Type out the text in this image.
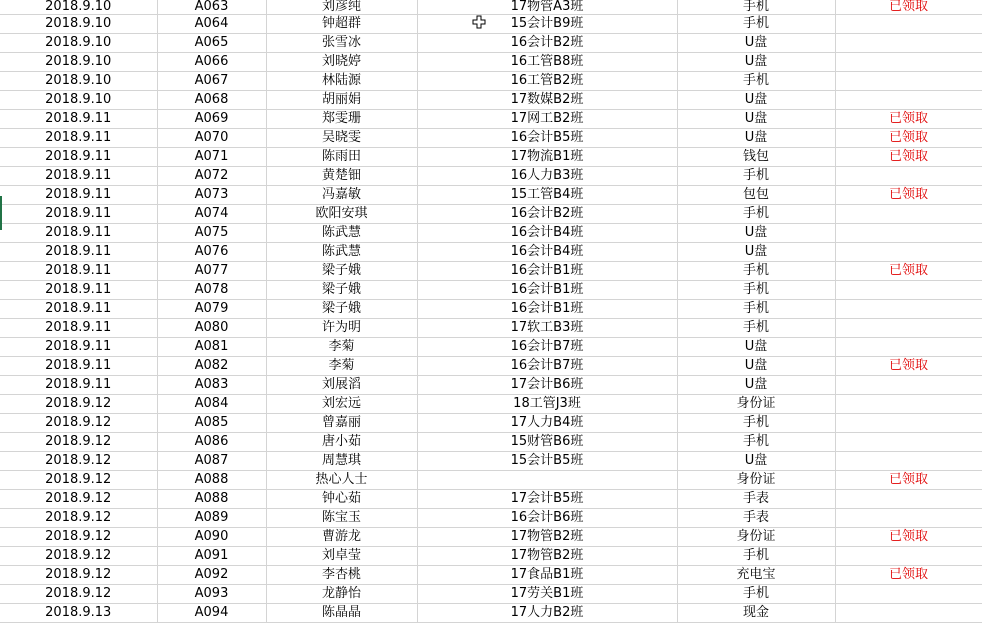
2018.9.10	A063	刘彦纯	17物管A3班	手机	已领取
2018.9.10	A064	钟超群	15会计B9班	手机	
2018.9.10	A065	张雪冰	16会计B2班	U盘	
2018.9.10	A066	刘晓婷	16工管B8班	U盘	
2018.9.10	A067	林陆源	16工管B2班	手机	
2018.9.10	A068	胡丽娟	17数媒B2班	U盘	
2018.9.11	A069	郑雯珊	17网工B2班	U盘	已领取
2018.9.11	A070	吴晓雯	16会计B5班	U盘	已领取
2018.9.11	A071	陈雨田	17物流B1班	钱包	已领取
2018.9.11	A072	黄楚钿	16人力B3班	手机	
2018.9.11	A073	冯嘉敏	15工管B4班	包包	已领取
2018.9.11	A074	欧阳安琪	16会计B2班	手机	
2018.9.11	A075	陈武慧	16会计B4班	U盘	
2018.9.11	A076	陈武慧	16会计B4班	U盘	
2018.9.11	A077	梁子娥	16会计B1班	手机	已领取
2018.9.11	A078	梁子娥	16会计B1班	手机	
2018.9.11	A079	梁子娥	16会计B1班	手机	
2018.9.11	A080	许为明	17软工B3班	手机	
2018.9.11	A081	李菊	16会计B7班	U盘	
2018.9.11	A082	李菊	16会计B7班	U盘	已领取
2018.9.11	A083	刘展滔	17会计B6班	U盘	
2018.9.12	A084	刘宏远	18工管J3班	身份证	
2018.9.12	A085	曾嘉丽	17人力B4班	手机	
2018.9.12	A086	唐小茹	15财管B6班	手机	
2018.9.12	A087	周慧琪	15会计B5班	U盘	
2018.9.12	A088	热心人士		身份证	已领取
2018.9.12	A088	钟心茹	17会计B5班	手表	
2018.9.12	A089	陈宝玉	16会计B6班	手表	
2018.9.12	A090	曹游龙	17物管B2班	身份证	已领取
2018.9.12	A091	刘卓莹	17物管B2班	手机	
2018.9.12	A092	李杏桃	17食品B1班	充电宝	已领取
2018.9.12	A093	龙静怡	17劳关B1班	手机	
2018.9.13	A094	陈晶晶	17人力B2班	现金	
